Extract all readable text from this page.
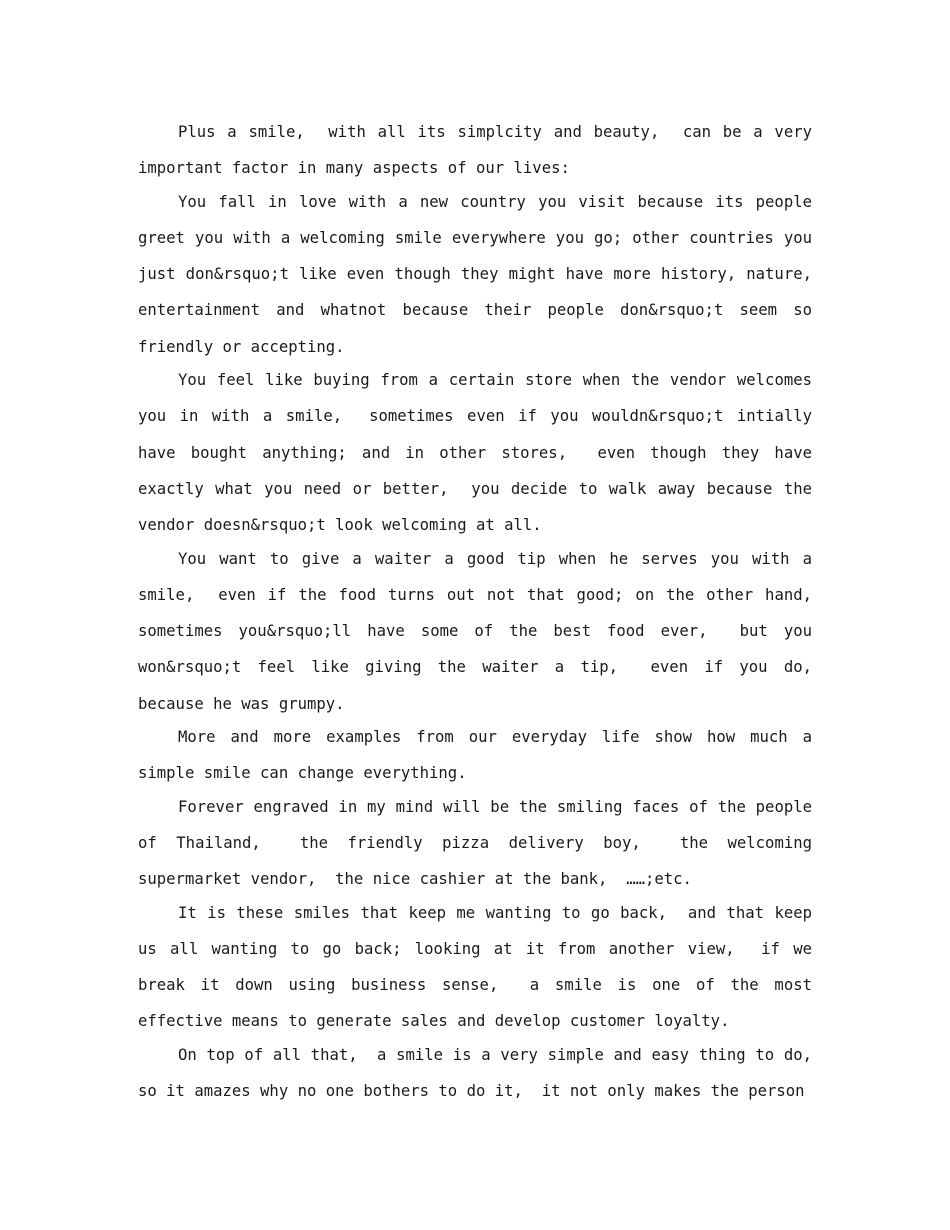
Plus a smile,  with all its simplcity and beauty,  can be a very important factor in many aspects of our lives:

You fall in love with a new country you visit because its people greet you with a welcoming smile everywhere you go; other countries you just don&rsquo;t like even though they might have more history, nature,  entertainment and whatnot because their people don&rsquo;t seem so friendly or accepting.

You feel like buying from a certain store when the vendor welcomes you in with a smile,  sometimes even if you wouldn&rsquo;t intially have bought anything; and in other stores,  even though they have exactly what you need or better,  you decide to walk away because the vendor doesn&rsquo;t look welcoming at all.

You want to give a waiter a good tip when he serves you with a smile,  even if the food turns out not that good; on the other hand,  sometimes you&rsquo;ll have some of the best food ever,  but you won&rsquo;t feel like giving the waiter a tip,  even if you do,  because he was grumpy.

More and more examples from our everyday life show how much a simple smile can change everything.

Forever engraved in my mind will be the smiling faces of the people of Thailand,  the friendly pizza delivery boy,  the welcoming supermarket vendor,  the nice cashier at the bank,  ……;etc.

It is these smiles that keep me wanting to go back,  and that keep us all wanting to go back; looking at it from another view,  if we break it down using business sense,  a smile is one of the most effective means to generate sales and develop customer loyalty.

On top of all that,  a smile is a very simple and easy thing to do,  so it amazes why no one bothers to do it,  it not only makes the person
